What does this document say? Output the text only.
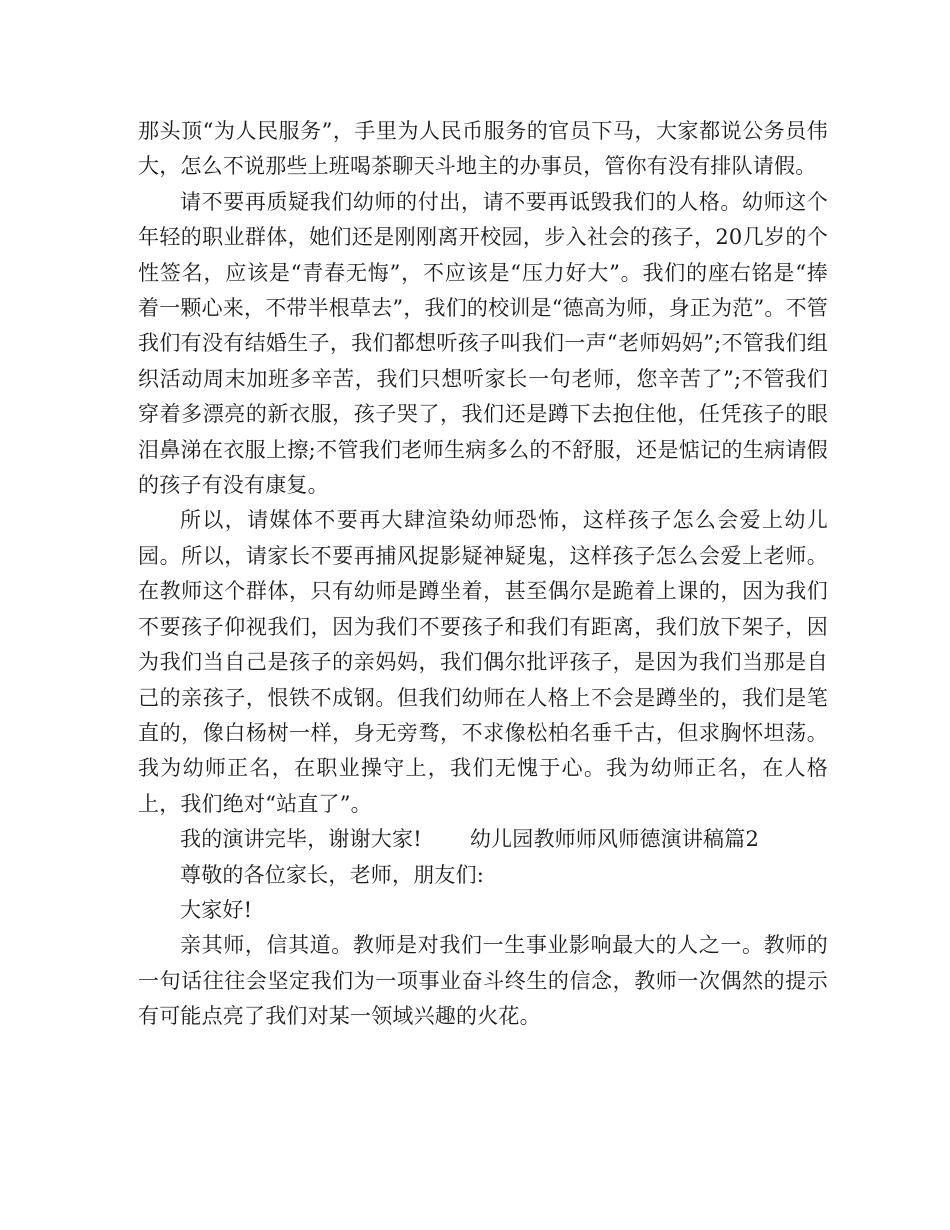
那头顶“为人民服务”，手里为人民币服务的官员下马，大家都说公务员伟大，怎么不说那些上班喝茶聊天斗地主的办事员，管你有没有排队请假。

请不要再质疑我们幼师的付出，请不要再诋毁我们的人格。幼师这个年轻的职业群体，她们还是刚刚离开校园，步入社会的孩子，20几岁的个性签名，应该是“青春无悔”，不应该是“压力好大”。我们的座右铭是“捧着一颗心来，不带半根草去”，我们的校训是“德高为师，身正为范”。不管我们有没有结婚生子，我们都想听孩子叫我们一声“老师妈妈”;不管我们组织活动周末加班多辛苦，我们只想听家长一句老师，您辛苦了”;不管我们穿着多漂亮的新衣服，孩子哭了，我们还是蹲下去抱住他，任凭孩子的眼泪鼻涕在衣服上擦;不管我们老师生病多么的不舒服，还是惦记的生病请假的孩子有没有康复。

所以，请媒体不要再大肆渲染幼师恐怖，这样孩子怎么会爱上幼儿园。所以，请家长不要再捕风捉影疑神疑鬼，这样孩子怎么会爱上老师。在教师这个群体，只有幼师是蹲坐着，甚至偶尔是跪着上课的，因为我们不要孩子仰视我们，因为我们不要孩子和我们有距离，我们放下架子，因为我们当自己是孩子的亲妈妈，我们偶尔批评孩子，是因为我们当那是自己的亲孩子，恨铁不成钢。但我们幼师在人格上不会是蹲坐的，我们是笔直的，像白杨树一样，身无旁骛，不求像松柏名垂千古，但求胸怀坦荡。我为幼师正名，在职业操守上，我们无愧于心。我为幼师正名，在人格上，我们绝对“站直了”。

我的演讲完毕，谢谢大家! 幼儿园教师师风师德演讲稿篇2

尊敬的各位家长，老师，朋友们:

大家好!

亲其师，信其道。教师是对我们一生事业影响最大的人之一。教师的一句话往往会坚定我们为一项事业奋斗终生的信念，教师一次偶然的提示有可能点亮了我们对某一领域兴趣的火花。
